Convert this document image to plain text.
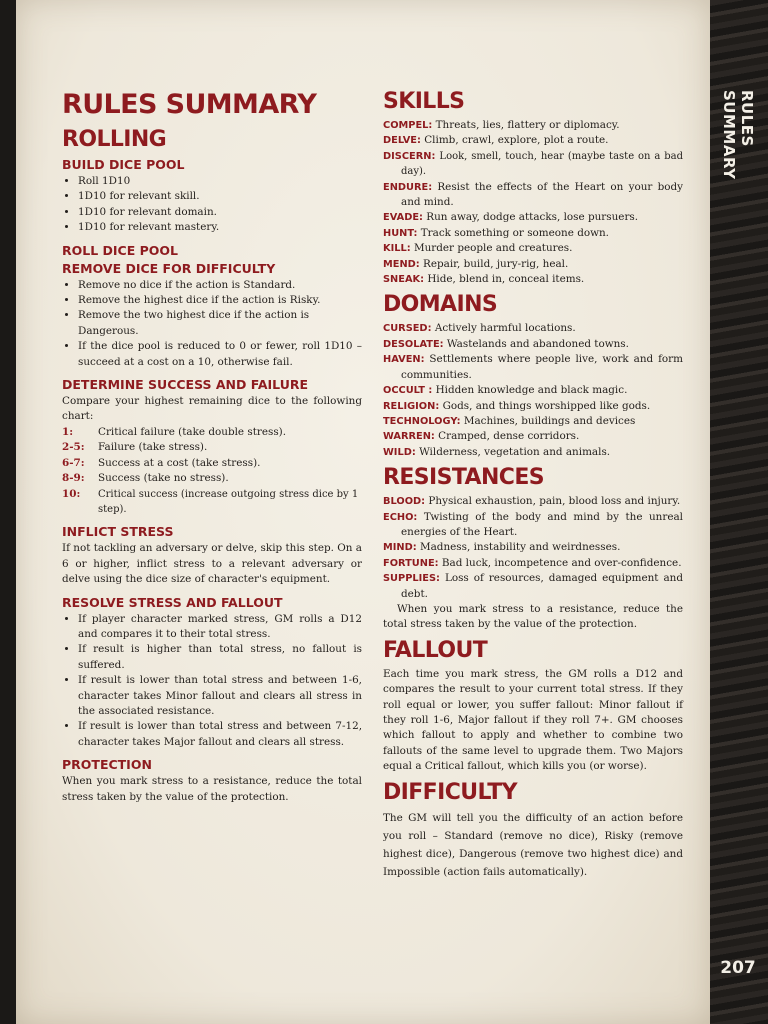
RULES SUMMARY
207
RULES SUMMARY
ROLLING
BUILD DICE POOL
• Roll 1D10
• 1D10 for relevant skill.
• 1D10 for relevant domain.
• 1D10 for relevant mastery.
ROLL DICE POOL
REMOVE DICE FOR DIFFICULTY
• Remove no dice if the action is Standard.
• Remove the highest dice if the action is Risky.
• Remove the two highest dice if the action is Dangerous.
• If the dice pool is reduced to 0 or fewer, roll 1D10 – succeed at a cost on a 10, otherwise fail.
DETERMINE SUCCESS AND FAILURE

Compare your highest remaining dice to the following chart:

1:	Critical failure (take double stress).
2-5:	Failure (take stress).
6-7:	Success at a cost (take stress).
8-9:	Success (take no stress).
10:	Critical success (increase outgoing stress dice by 1 step).
INFLICT STRESS

If not tackling an adversary or delve, skip this step. On a 6 or higher, inflict stress to a relevant adversary or delve using the dice size of character's equipment.

RESOLVE STRESS AND FALLOUT
• If player character marked stress, GM rolls a D12 and compares it to their total stress.
• If result is higher than total stress, no fallout is suffered.
• If result is lower than total stress and between 1-6, character takes Minor fallout and clears all stress in the associated resistance.
• If result is lower than total stress and between 7-12, character takes Major fallout and clears all stress.
PROTECTION

When you mark stress to a resistance, reduce the total stress taken by the value of the protection.

SKILLS
COMPEL: Threats, lies, flattery or diplomacy.
DELVE: Climb, crawl, explore, plot a route.
DISCERN: Look, smell, touch, hear (maybe taste on a bad day).
ENDURE: Resist the effects of the Heart on your body and mind.
EVADE: Run away, dodge attacks, lose pursuers.
HUNT: Track something or someone down.
KILL: Murder people and creatures.
MEND: Repair, build, jury-rig, heal.
SNEAK: Hide, blend in, conceal items.
DOMAINS
CURSED: Actively harmful locations.
DESOLATE: Wastelands and abandoned towns.
HAVEN: Settlements where people live, work and form communities.
OCCULT : Hidden knowledge and black magic.
RELIGION: Gods, and things worshipped like gods.
TECHNOLOGY: Machines, buildings and devices
WARREN: Cramped, dense corridors.
WILD: Wilderness, vegetation and animals.
RESISTANCES
BLOOD: Physical exhaustion, pain, blood loss and injury.
ECHO: Twisting of the body and mind by the unreal energies of the Heart.
MIND: Madness, instability and weirdnesses.
FORTUNE: Bad luck, incompetence and over-confidence.
SUPPLIES: Loss of resources, damaged equipment and debt.

When you mark stress to a resistance, reduce the total stress taken by the value of the protection.

FALLOUT

Each time you mark stress, the GM rolls a D12 and compares the result to your current total stress. If they roll equal or lower, you suffer fallout: Minor fallout if they roll 1-6, Major fallout if they roll 7+. GM chooses which fallout to apply and whether to combine two fallouts of the same level to upgrade them. Two Majors equal a Critical fallout, which kills you (or worse).

DIFFICULTY

The GM will tell you the difficulty of an action before you roll – Standard (remove no dice), Risky (remove highest dice), Dangerous (remove two highest dice) and Impossible (action fails automatically).
